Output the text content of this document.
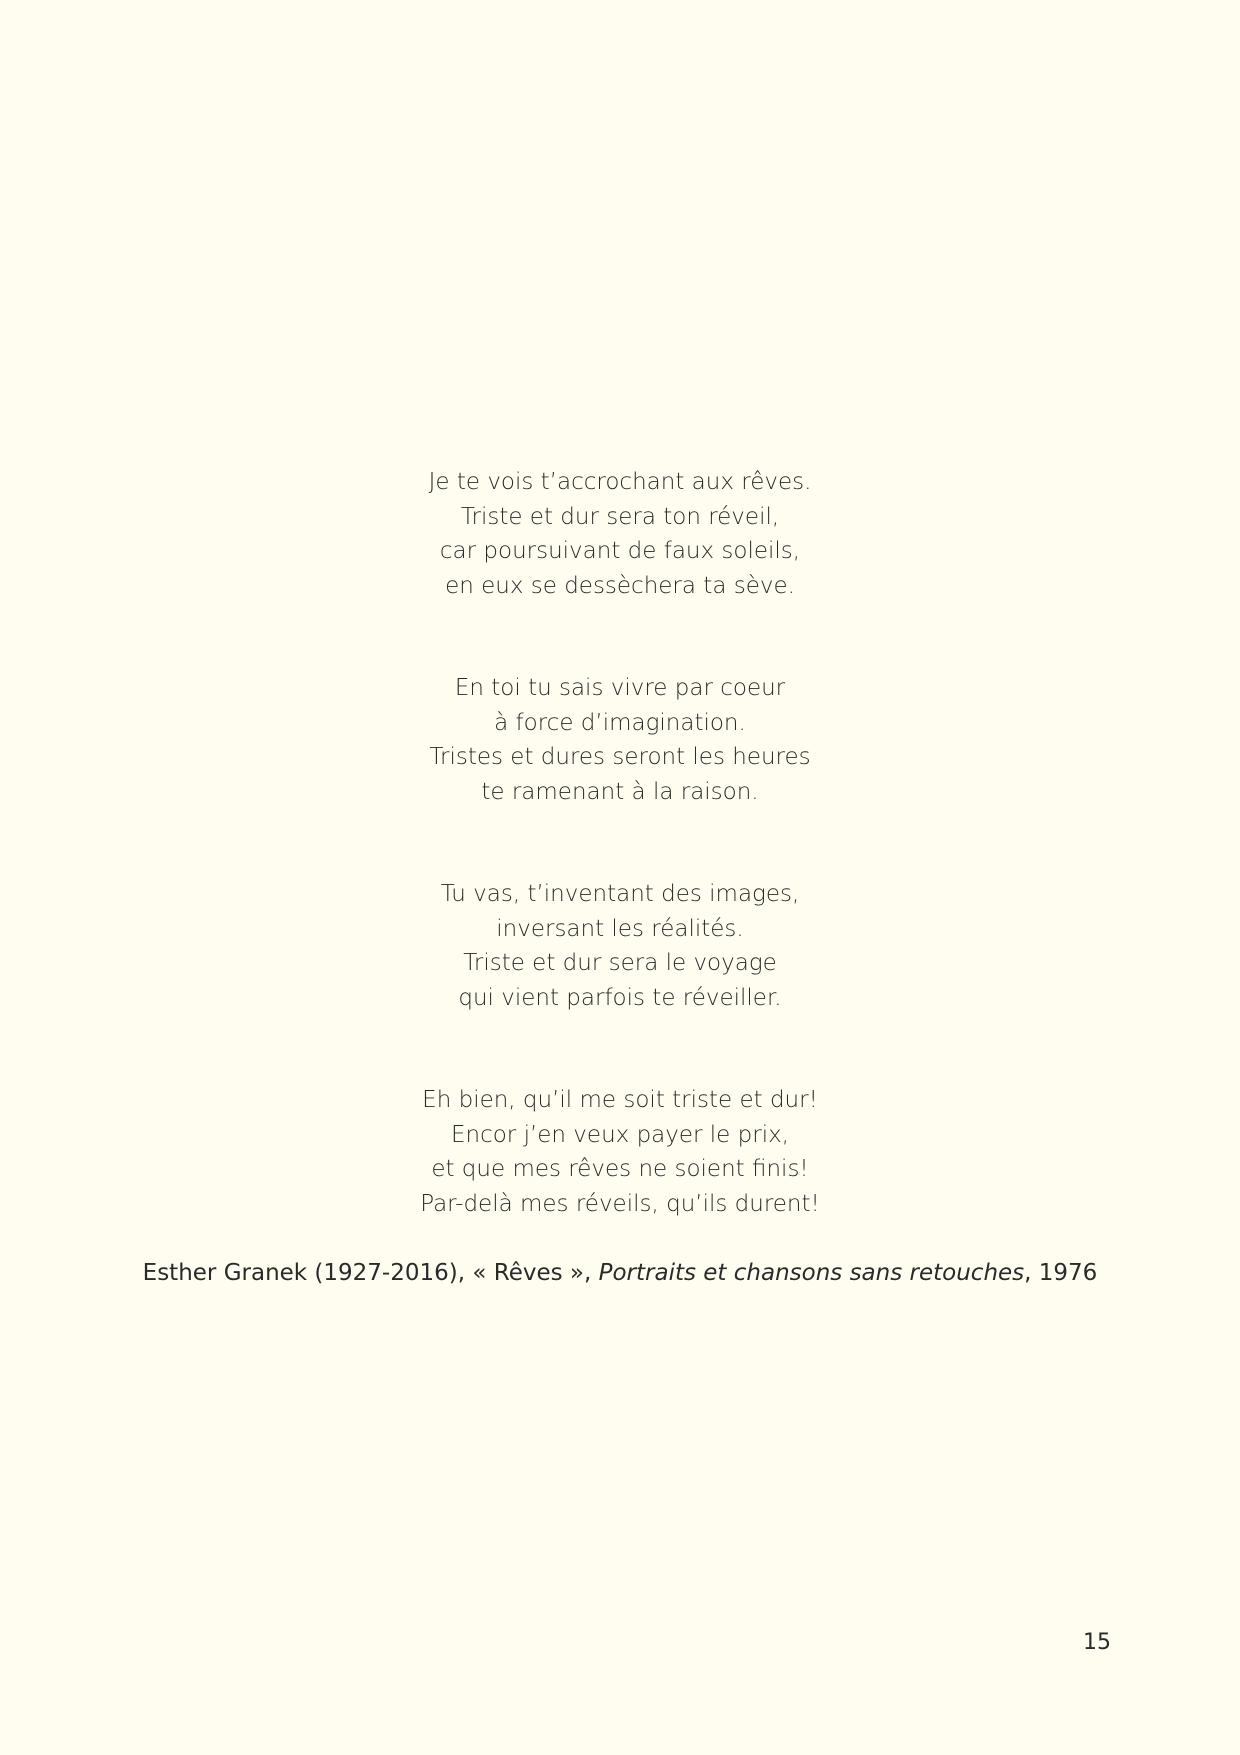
Je te vois t’accrochant aux rêves.
Triste et dur sera ton réveil,
car poursuivant de faux soleils,
en eux se dessèchera ta sève.
En toi tu sais vivre par coeur
à force d’imagination.
Tristes et dures seront les heures
te ramenant à la raison.
Tu vas, t’inventant des images,
inversant les réalités.
Triste et dur sera le voyage
qui vient parfois te réveiller.
Eh bien, qu’il me soit triste et dur!
Encor j’en veux payer le prix,
et que mes rêves ne soient finis!
Par-delà mes réveils, qu’ils durent!
Esther Granek (1927-2016), « Rêves », Portraits et chansons sans retouches, 1976
15
